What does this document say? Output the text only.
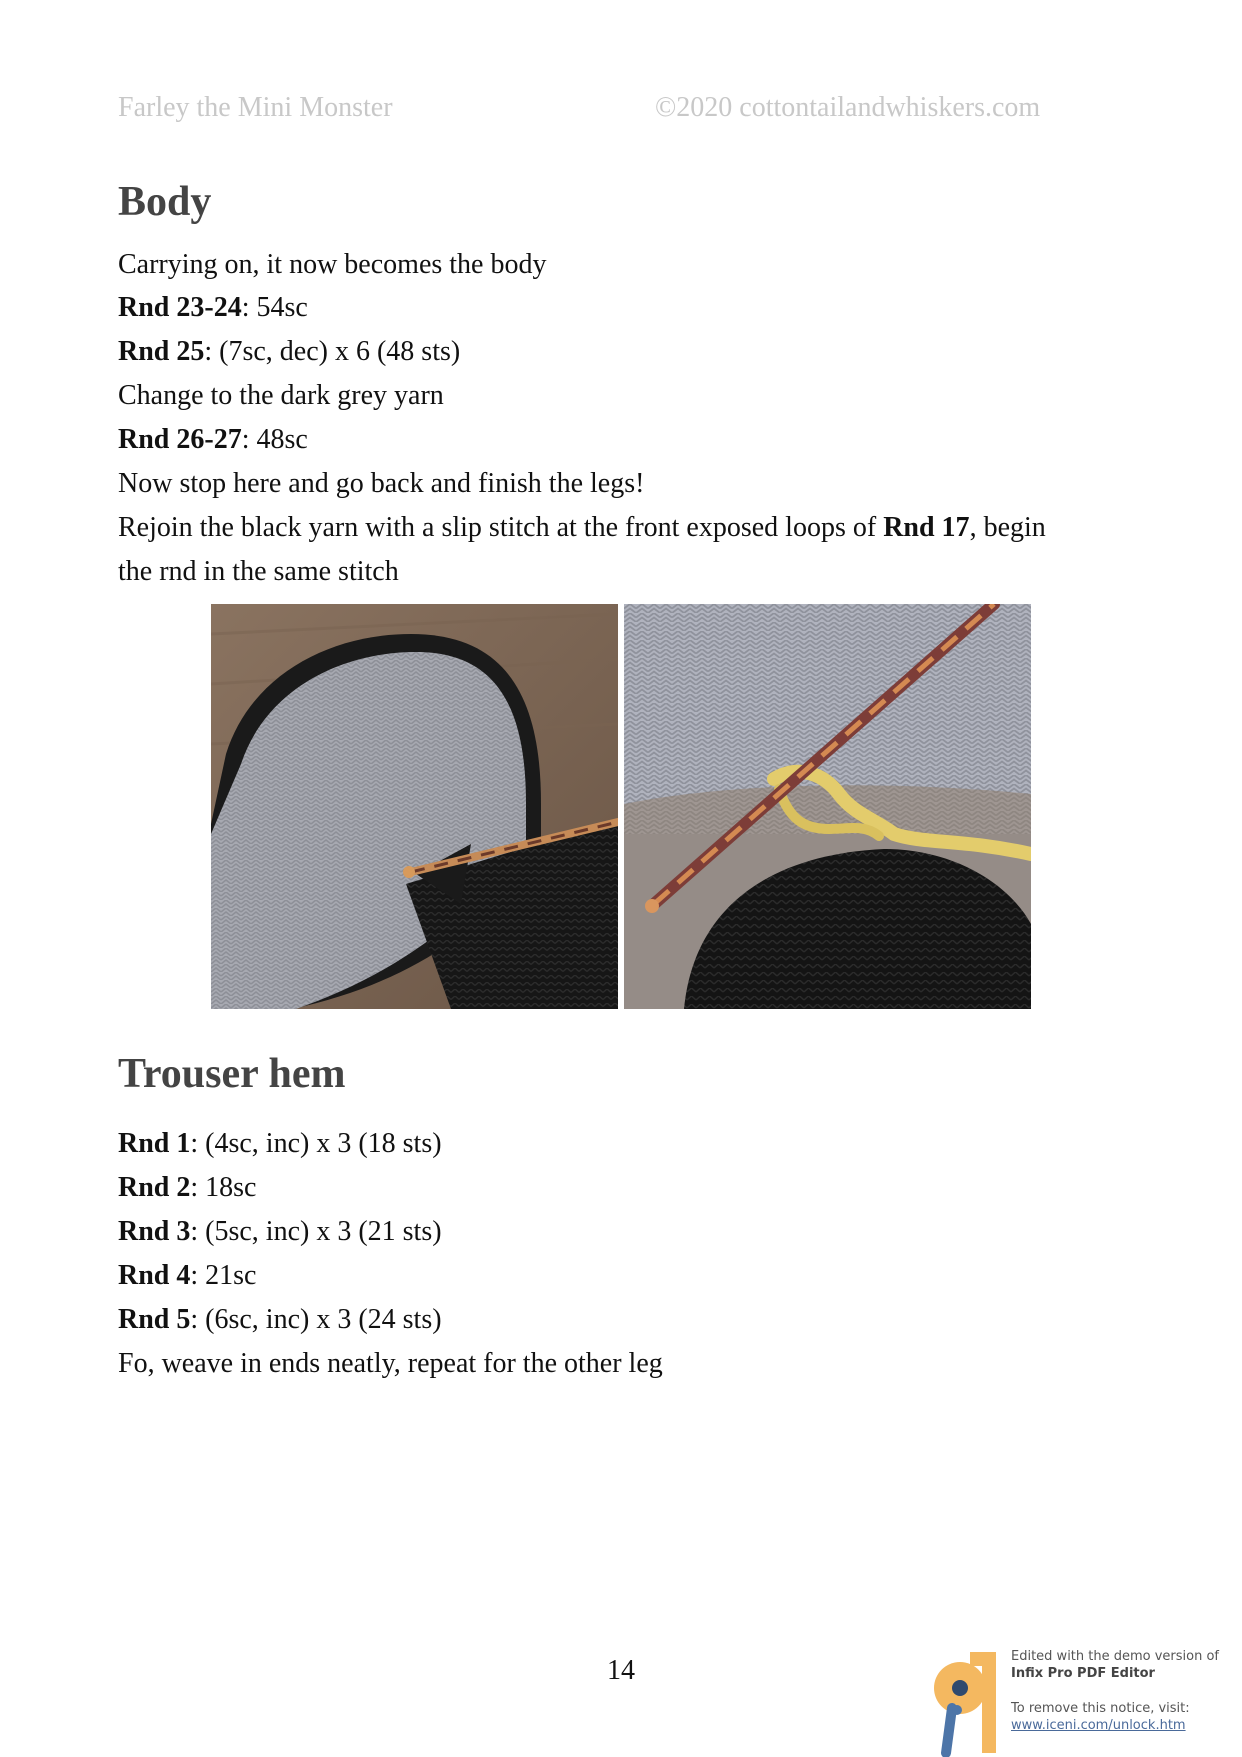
Farley the Mini Monster	©2020 cottontailandwhiskers.com
Body
Carrying on, it now becomes the body
Rnd 23-24: 54sc
Rnd 25: (7sc, dec) x 6 (48 sts)
Change to the dark grey yarn
Rnd 26-27: 48sc
Now stop here and go back and finish the legs!
Rejoin the black yarn with a slip stitch at the front exposed loops of Rnd 17, begin
the rnd in the same stitch
Trouser hem
Rnd 1: (4sc, inc) x 3 (18 sts)
Rnd 2: 18sc
Rnd 3: (5sc, inc) x 3 (21 sts)
Rnd 4: 21sc
Rnd 5: (6sc, inc) x 3 (24 sts)
Fo, weave in ends neatly, repeat for the other leg
14	Edited with the demo version of
Infix Pro PDF Editor
To remove this notice, visit:
www.iceni.com/unlock.htm
